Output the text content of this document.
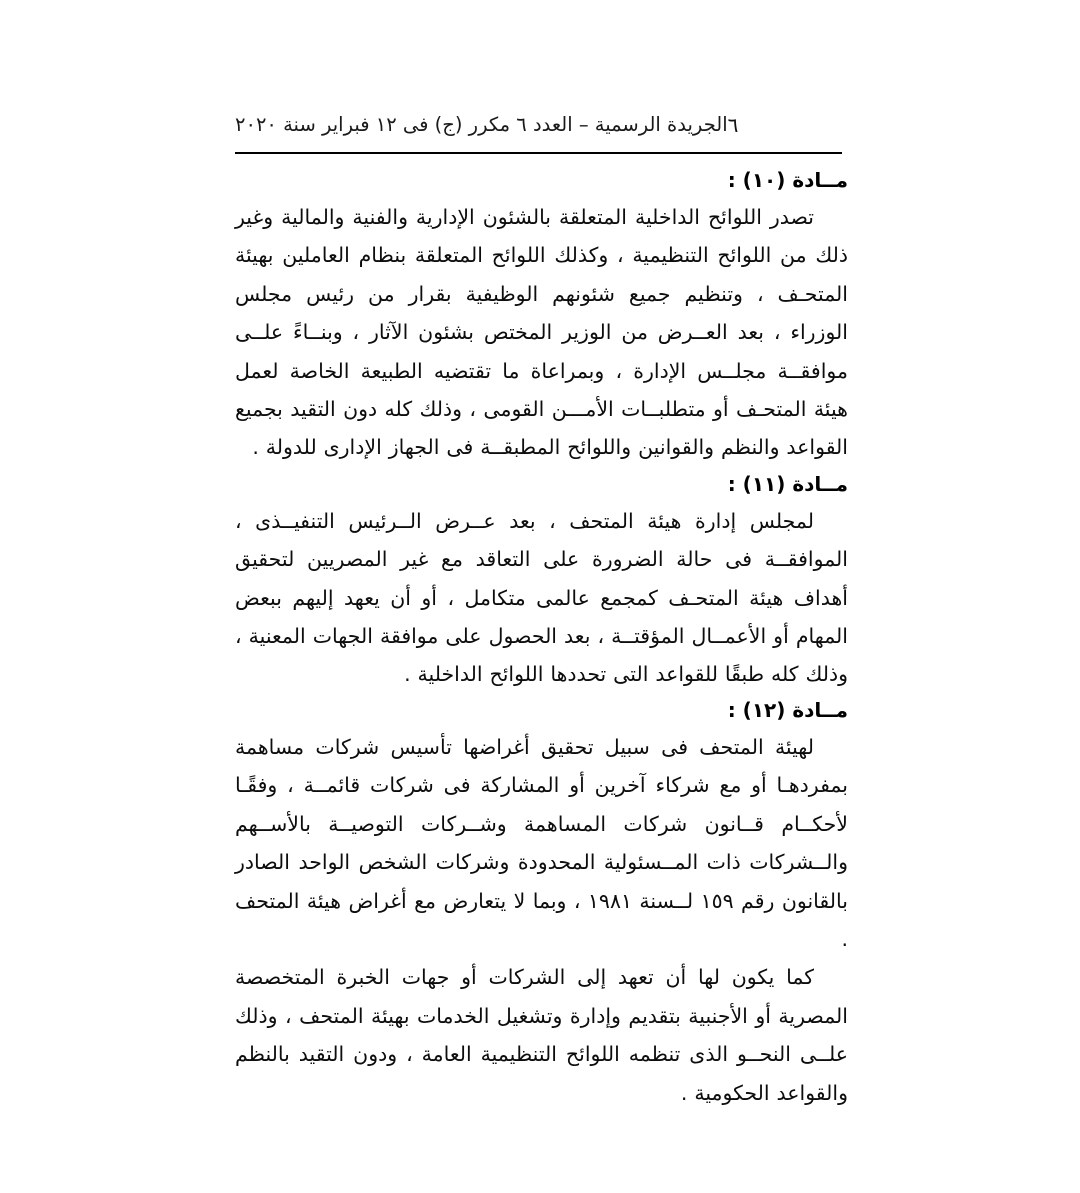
٦
الجريدة الرسمية – العدد ٦ مكرر (ج) فى ١٢ فبراير سنة ٢٠٢٠
مــادة (١٠) :

تصدر اللوائح الداخلية المتعلقة بالشئون الإدارية والفنية والمالية وغير ذلك من اللوائح التنظيمية ، وكذلك اللوائح المتعلقة بنظام العاملين بهيئة المتحـف ، وتنظيم جميع شئونهم الوظيفية بقرار من رئيس مجلس الوزراء ، بعد العــرض من الوزير المختص بشئون الآثار ، وبنــاءً علــى موافقــة مجلــس الإدارة ، وبمراعاة ما تقتضيه الطبيعة الخاصة لعمل هيئة المتحـف أو متطلبــات الأمـــن القومى ، وذلك كله دون التقيد بجميع القواعد والنظم والقوانين واللوائح المطبقــة فى الجهاز الإدارى للدولة .

مــادة (١١) :

لمجلس إدارة هيئة المتحف ، بعد عــرض الــرئيس التنفيــذى ، الموافقــة فى حالة الضرورة على التعاقد مع غير المصريين لتحقيق أهداف هيئة المتحـف كمجمع عالمى متكامل ، أو أن يعهد إليهم ببعض المهام أو الأعمــال المؤقتــة ، بعد الحصول على موافقة الجهات المعنية ، وذلك كله طبقًا للقواعد التى تحددها اللوائح الداخلية .

مــادة (١٢) :

لهيئة المتحف فى سبيل تحقيق أغراضها تأسيس شركات مساهمة بمفردهـا أو مع شركاء آخرين أو المشاركة فى شركات قائمــة ، وفقًـا لأحكــام قــانون شركات المساهمة وشــركات التوصيــة بالأســهم والــشركات ذات المــسئولية المحدودة وشركات الشخص الواحد الصادر بالقانون رقم ١٥٩ لــسنة ١٩٨١ ، وبما لا يتعارض مع أغراض هيئة المتحف .

كما يكون لها أن تعهد إلى الشركات أو جهات الخبرة المتخصصة المصرية أو الأجنبية بتقديم وإدارة وتشغيل الخدمات بهيئة المتحف ، وذلك علــى النحــو الذى تنظمه اللوائح التنظيمية العامة ، ودون التقيد بالنظم والقواعد الحكومية .
